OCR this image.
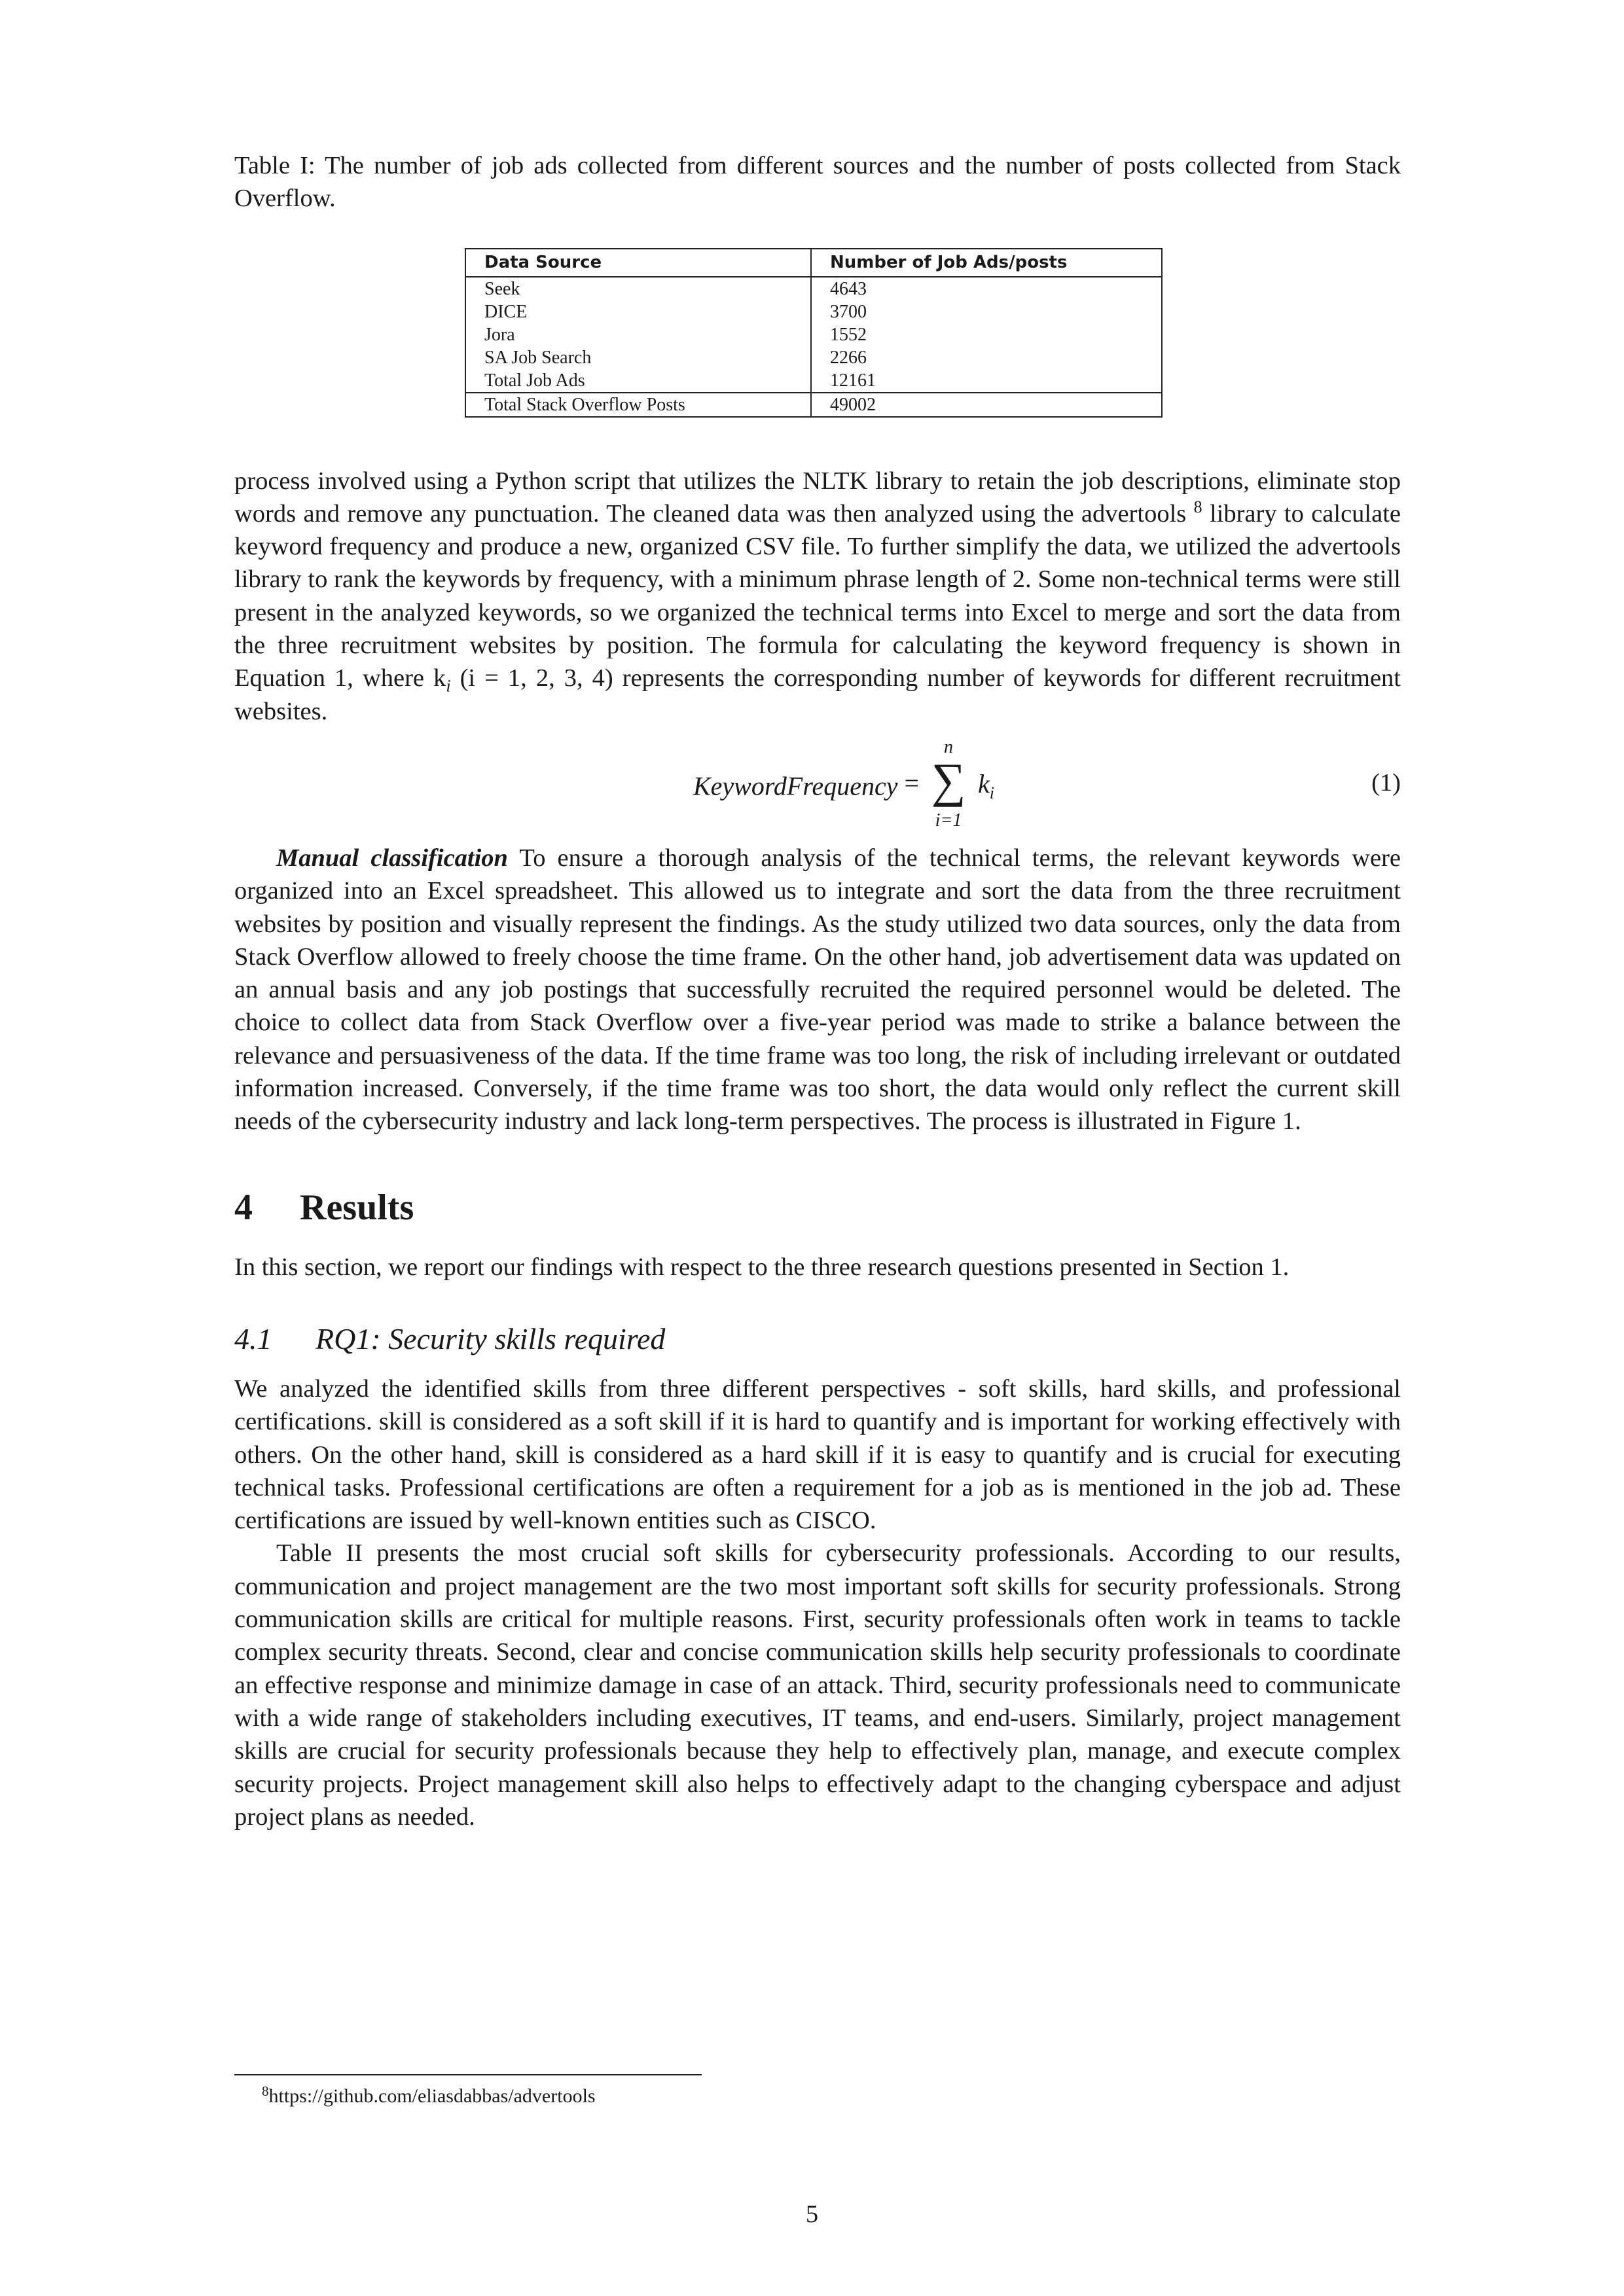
Table I: The number of job ads collected from different sources and the number of posts collected from Stack Overflow.

Data Source	Number of Job Ads/posts
Seek	4643
DICE	3700
Jora	1552
SA Job Search	2266
Total Job Ads	12161
Total Stack Overflow Posts	49002

process involved using a Python script that utilizes the NLTK library to retain the job descriptions, eliminate stop words and remove any punctuation. The cleaned data was then analyzed using the advertools $^8$ library to calculate keyword frequency and produce a new, organized CSV file. To further simplify the data, we utilized the advertools library to rank the keywords by frequency, with a minimum phrase length of 2. Some non-technical terms were still present in the analyzed keywords, so we organized the technical terms into Excel to merge and sort the data from the three recruitment websites by position. The formula for calculating the keyword frequency is shown in Equation 1, where $k_i$ (i = 1, 2, 3, 4) represents the corresponding number of keywords for different recruitment websites.

KeywordFrequency =
n
∑
i=1
$k_i$	(1)

Manual classification To ensure a thorough analysis of the technical terms, the relevant keywords were organized into an Excel spreadsheet. This allowed us to integrate and sort the data from the three recruitment websites by position and visually represent the findings. As the study utilized two data sources, only the data from Stack Overflow allowed to freely choose the time frame. On the other hand, job advertisement data was updated on an annual basis and any job postings that successfully recruited the required personnel would be deleted. The choice to collect data from Stack Overflow over a five-year period was made to strike a balance between the relevance and persuasiveness of the data. If the time frame was too long, the risk of including irrelevant or outdated information increased. Conversely, if the time frame was too short, the data would only reflect the current skill needs of the cybersecurity industry and lack long-term perspectives. The process is illustrated in Figure 1.

4 Results

In this section, we report our findings with respect to the three research questions presented in Section 1.

4.1 RQ1: Security skills required

We analyzed the identified skills from three different perspectives - soft skills, hard skills, and professional certifications. skill is considered as a soft skill if it is hard to quantify and is important for working effectively with others. On the other hand, skill is considered as a hard skill if it is easy to quantify and is crucial for executing technical tasks. Professional certifications are often a requirement for a job as is mentioned in the job ad. These certifications are issued by well-known entities such as CISCO.

Table II presents the most crucial soft skills for cybersecurity professionals. According to our results, communication and project management are the two most important soft skills for security professionals. Strong communication skills are critical for multiple reasons. First, security professionals often work in teams to tackle complex security threats. Second, clear and concise communication skills help security professionals to coordinate an effective response and minimize damage in case of an attack. Third, security professionals need to communicate with a wide range of stakeholders including executives, IT teams, and end-users. Similarly, project management skills are crucial for security professionals because they help to effectively plan, manage, and execute complex security projects. Project management skill also helps to effectively adapt to the changing cyberspace and adjust project plans as needed.

$^8$https://github.com/eliasdabbas/advertools
5
